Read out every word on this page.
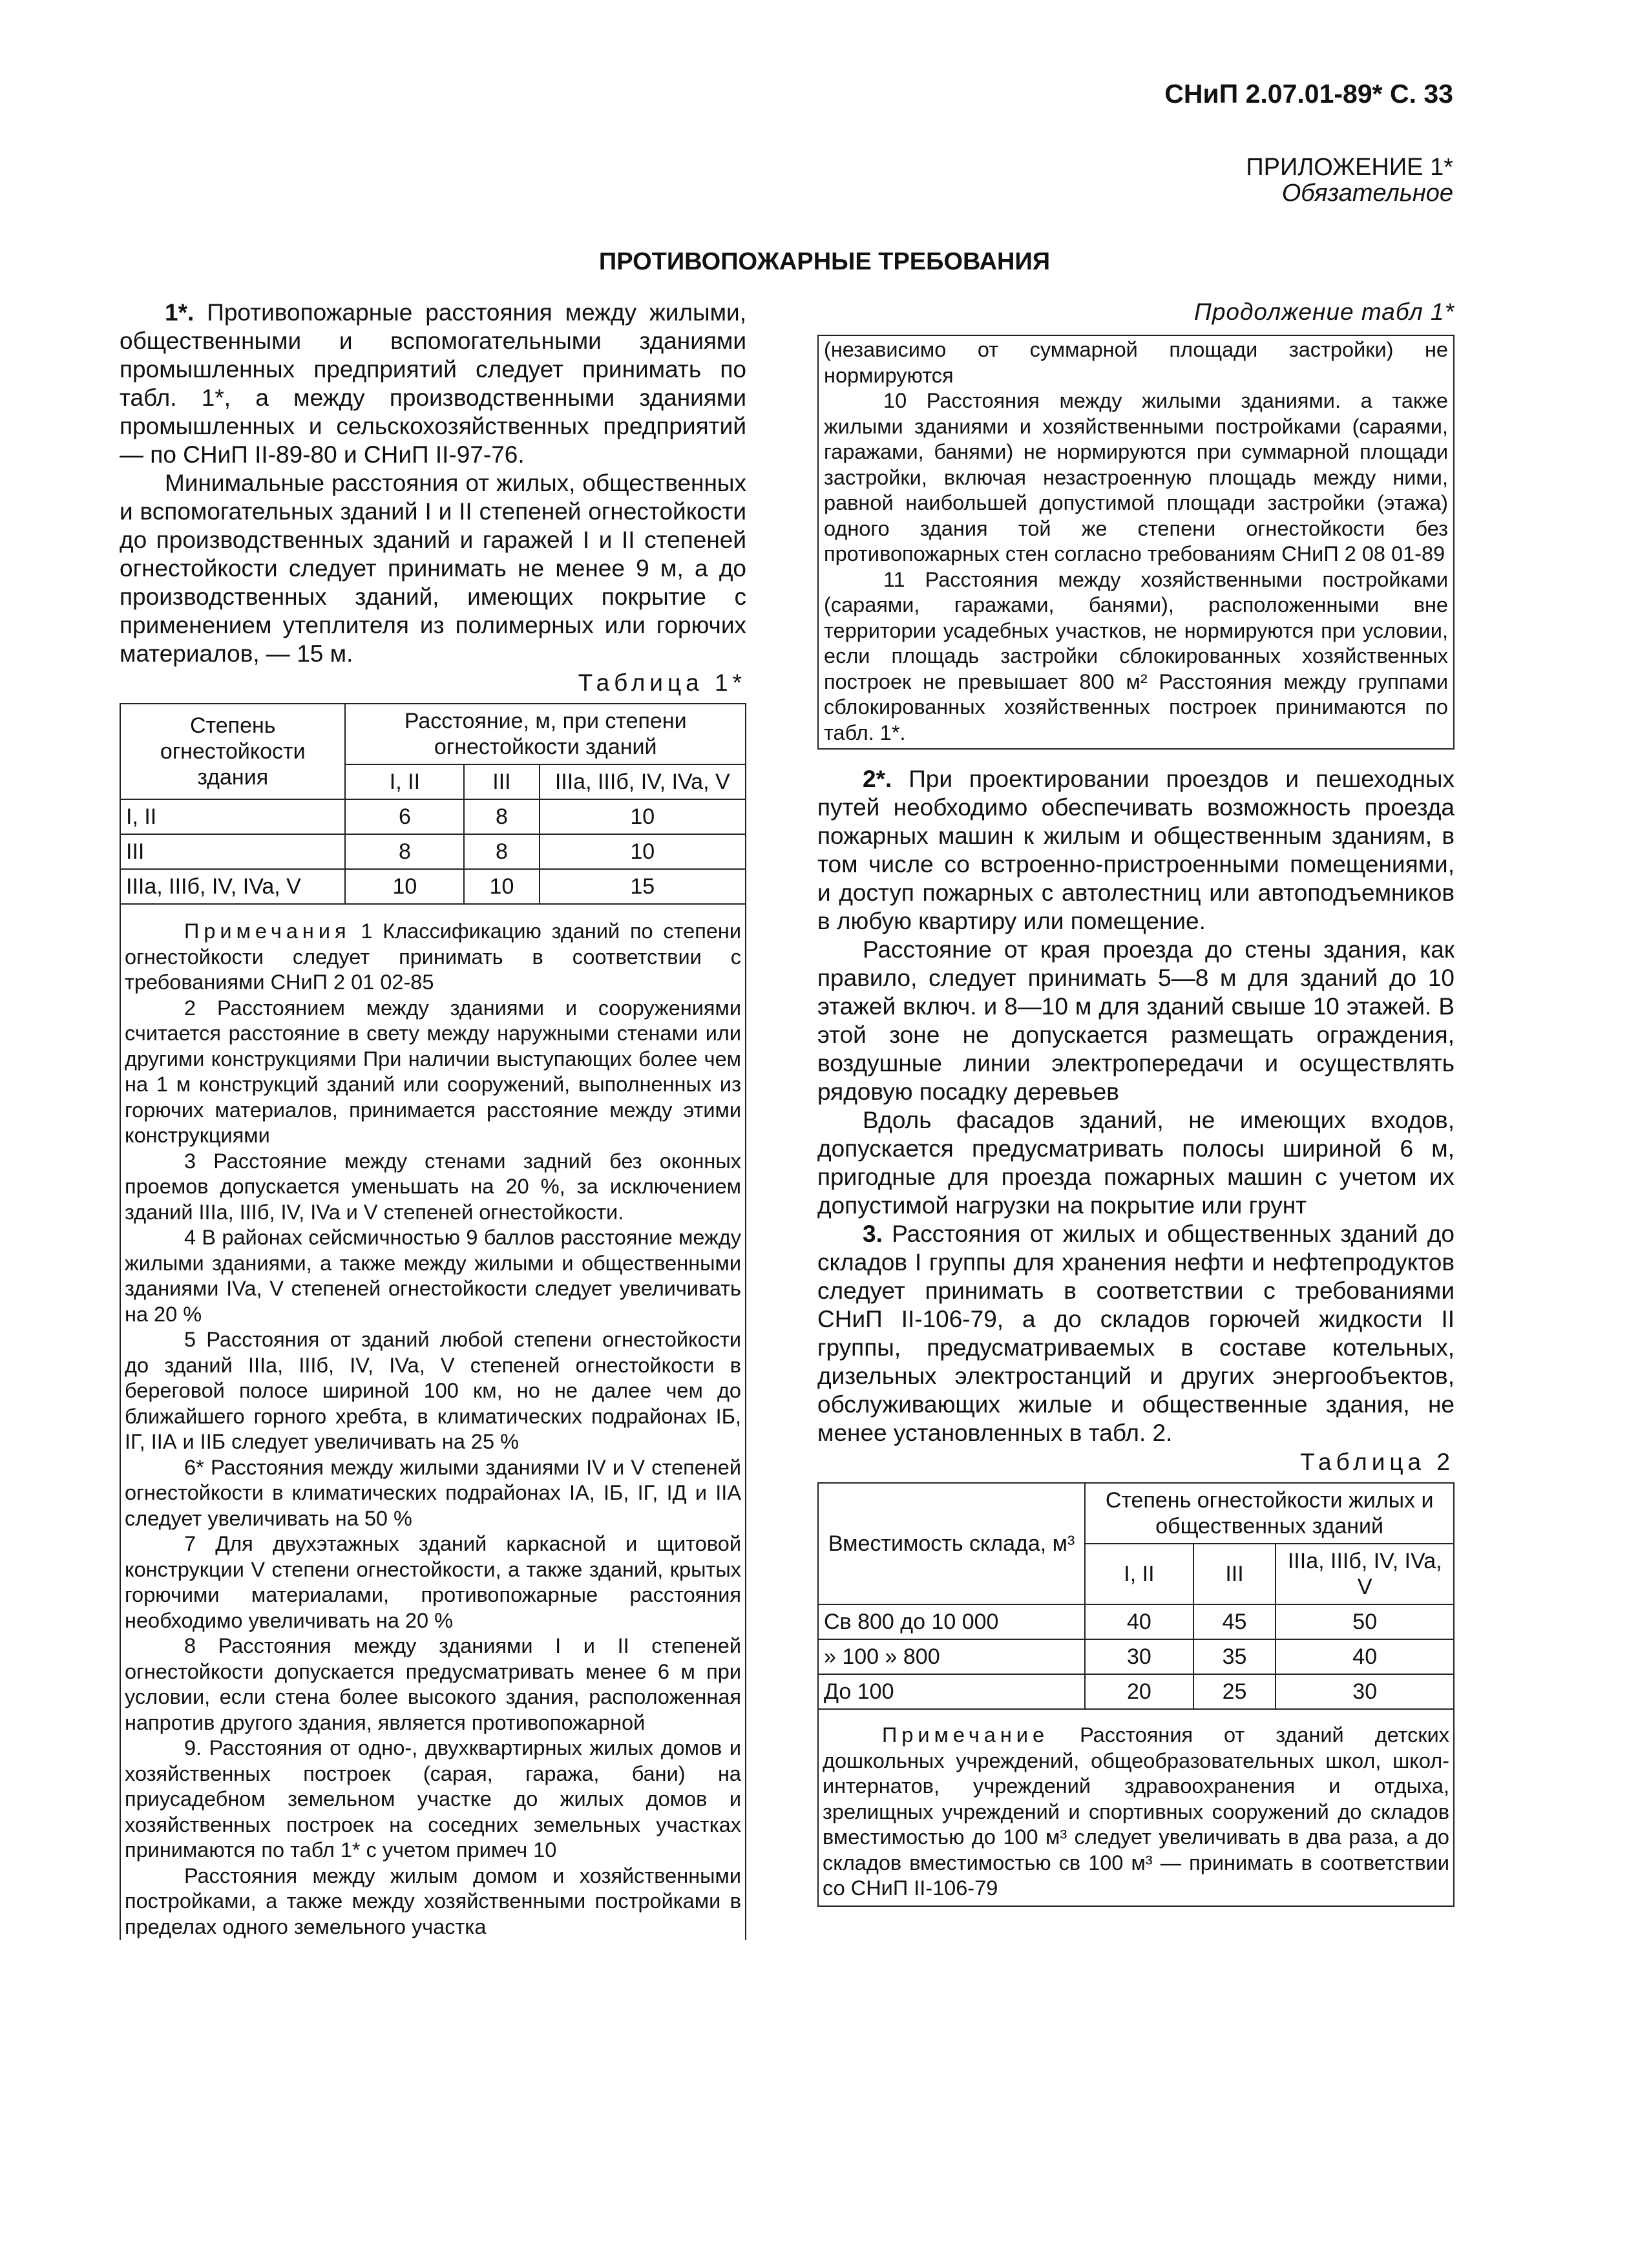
СНиП 2.07.01-89* С. 33
ПРИЛОЖЕНИЕ 1*
Обязательное
ПРОТИВОПОЖАРНЫЕ ТРЕБОВАНИЯ

1*. Противопожарные расстояния между жилыми, общественными и вспомогательными зданиями промышленных предприятий следует принимать по табл. 1*, а между производственными зданиями промышленных и сельскохозяйственных предприятий — по СНиП II-89-80 и СНиП II-97-76.

Минимальные расстояния от жилых, общественных и вспомогательных зданий I и II степеней огнестойкости до производственных зданий и гаражей I и II степеней огнестойкости следует принимать не менее 9 м, а до производственных зданий, имеющих покрытие с применением утеплителя из полимерных или горючих материалов, — 15 м.

Таблица 1*
Степень огнестойкости здания	Расстояние, м, при степени огнестойкости зданий		
	I, II	III	IIIa, IIIб, IV, IVa, V
I, II	6	8	10
III	8	8	10
IIIa, IIIб, IV, IVa, V	10	10	15

Примечания 1 Классификацию зданий по степени огнестойкости следует принимать в соответствии с требованиями СНиП 2 01 02-85

2 Расстоянием между зданиями и сооружениями считается расстояние в свету между наружными стенами или другими конструкциями При наличии выступающих более чем на 1 м конструкций зданий или сооружений, выполненных из горючих материалов, принимается расстояние между этими конструкциями

3 Расстояние между стенами задний без оконных проемов допускается уменьшать на 20 %, за исключением зданий IIIa, IIIб, IV, IVa и V степеней огнестойкости.

4 В районах сейсмичностью 9 баллов расстояние между жилыми зданиями, а также между жилыми и общественными зданиями IVa, V степеней огнестойкости следует увеличивать на 20 %

5 Расстояния от зданий любой степени огнестойкости до зданий IIIa, IIIб, IV, IVa, V степеней огнестойкости в береговой полосе шириной 100 км, но не далее чем до ближайшего горного хребта, в климатических подрайонах IБ, IГ, IIА и IIБ следует увеличивать на 25 %

6* Расстояния между жилыми зданиями IV и V степеней огнестойкости в климатических подрайонах IА, IБ, IГ, IД и IIА следует увеличивать на 50 %

7 Для двухэтажных зданий каркасной и щитовой конструкции V степени огнестойкости, а также зданий, крытых горючими материалами, противопожарные расстояния необходимо увеличивать на 20 %

8 Расстояния между зданиями I и II степеней огнестойкости допускается предусматривать менее 6 м при условии, если стена более высокого здания, расположенная напротив другого здания, является противопожарной

9. Расстояния от одно-, двухквартирных жилых домов и хозяйственных построек (сарая, гаража, бани) на приусадебном земельном участке до жилых домов и хозяйственных построек на соседних земельных участках принимаются по табл 1* с учетом примеч 10

Расстояния между жилым домом и хозяйственными постройками, а также между хозяйственными постройками в пределах одного земельного участка

Продолжение табл 1*

(независимо от суммарной площади застройки) не нормируются

10 Расстояния между жилыми зданиями. а также жилыми зданиями и хозяйственными постройками (сараями, гаражами, банями) не нормируются при суммарной площади застройки, включая незастроенную площадь между ними, равной наибольшей допустимой площади застройки (этажа) одного здания той же степени огнестойкости без противопожарных стен согласно требованиям СНиП 2 08 01-89

11 Расстояния между хозяйственными постройками (сараями, гаражами, банями), расположенными вне территории усадебных участков, не нормируются при условии, если площадь застройки сблокированных хозяйственных построек не превышает 800 м² Расстояния между группами сблокированных хозяйственных построек принимаются по табл. 1*.

2*. При проектировании проездов и пешеходных путей необходимо обеспечивать возможность проезда пожарных машин к жилым и общественным зданиям, в том числе со встроенно-пристроенными помещениями, и доступ пожарных с автолестниц или автоподъемников в любую квартиру или помещение.

Расстояние от края проезда до стены здания, как правило, следует принимать 5—8 м для зданий до 10 этажей включ. и 8—10 м для зданий свыше 10 этажей. В этой зоне не допускается размещать ограждения, воздушные линии электропередачи и осуществлять рядовую посадку деревьев

Вдоль фасадов зданий, не имеющих входов, допускается предусматривать полосы шириной 6 м, пригодные для проезда пожарных машин с учетом их допустимой нагрузки на покрытие или грунт

3. Расстояния от жилых и общественных зданий до складов I группы для хранения нефти и нефтепродуктов следует принимать в соответствии с требованиями СНиП II-106-79, а до складов горючей жидкости II группы, предусматриваемых в составе котельных, дизельных электростанций и других энергообъектов, обслуживающих жилые и общественные здания, не менее установленных в табл. 2.

Таблица 2
Вместимость склада, м³	Степень огнестойкости жилых и общественных зданий		
	I, II	III	IIIa, IIIб, IV, IVa, V
Св 800 до 10 000	40	45	50
» 100 » 800	30	35	40
До 100	20	25	30

Примечание Расстояния от зданий детских дошкольных учреждений, общеобразовательных школ, школ-интернатов, учреждений здравоохранения и отдыха, зрелищных учреждений и спортивных сооружений до складов вместимостью до 100 м³ следует увеличивать в два раза, а до складов вместимостью св 100 м³ — принимать в соответствии со СНиП II-106-79
